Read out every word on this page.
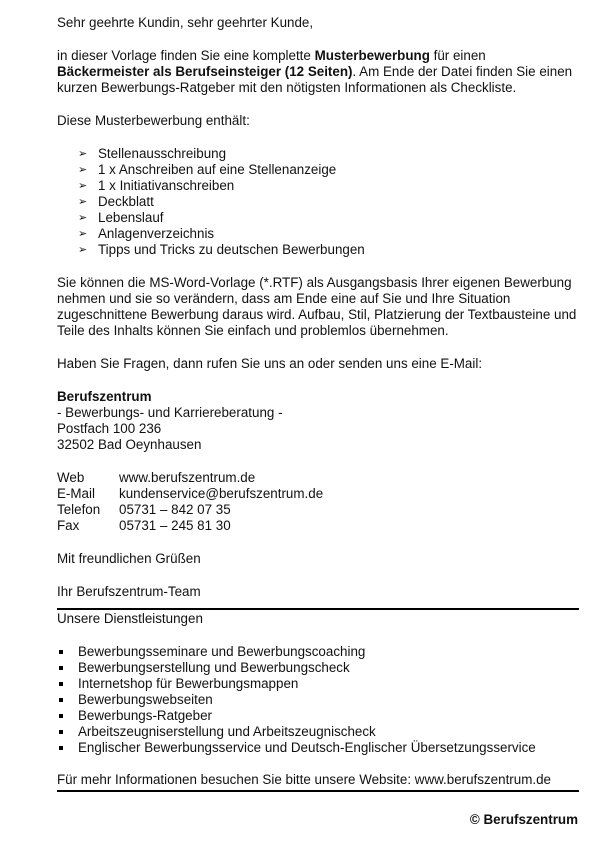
Sehr geehrte Kundin, sehr geehrter Kunde,

in dieser Vorlage finden Sie eine komplette Musterbewerbung für einen Bäckermeister als Berufseinsteiger (12 Seiten). Am Ende der Datei finden Sie einen kurzen Bewerbungs-Ratgeber mit den nötigsten Informationen als Checkliste.

Diese Musterbewerbung enthält:

➢ Stellenausschreibung
➢ 1 x Anschreiben auf eine Stellenanzeige
➢ 1 x Initiativanschreiben
➢ Deckblatt
➢ Lebenslauf
➢ Anlagenverzeichnis
➢ Tipps und Tricks zu deutschen Bewerbungen

Sie können die MS-Word-Vorlage (*.RTF) als Ausgangsbasis Ihrer eigenen Bewerbung nehmen und sie so verändern, dass am Ende eine auf Sie und Ihre Situation zugeschnittene Bewerbung daraus wird. Aufbau, Stil, Platzierung der Textbausteine und Teile des Inhalts können Sie einfach und problemlos übernehmen.

Haben Sie Fragen, dann rufen Sie uns an oder senden uns eine E-Mail:

Berufszentrum
- Bewerbungs- und Karriereberatung -
Postfach 100 236
32502 Bad Oeynhausen
Web	www.berufszentrum.de
E-Mail	kundenservice@berufszentrum.de
Telefon	05731 – 842 07 35
Fax	05731 – 245 81 30

Mit freundlichen Grüßen

Ihr Berufszentrum-Team

Unsere Dienstleistungen

Bewerbungsseminare und Bewerbungscoaching
Bewerbungserstellung und Bewerbungscheck
Internetshop für Bewerbungsmappen
Bewerbungswebseiten
Bewerbungs-Ratgeber
Arbeitszeugniserstellung und Arbeitszeugnischeck
Englischer Bewerbungsservice und Deutsch-Englischer Übersetzungsservice

Für mehr Informationen besuchen Sie bitte unsere Website: www.berufszentrum.de

© Berufszentrum
